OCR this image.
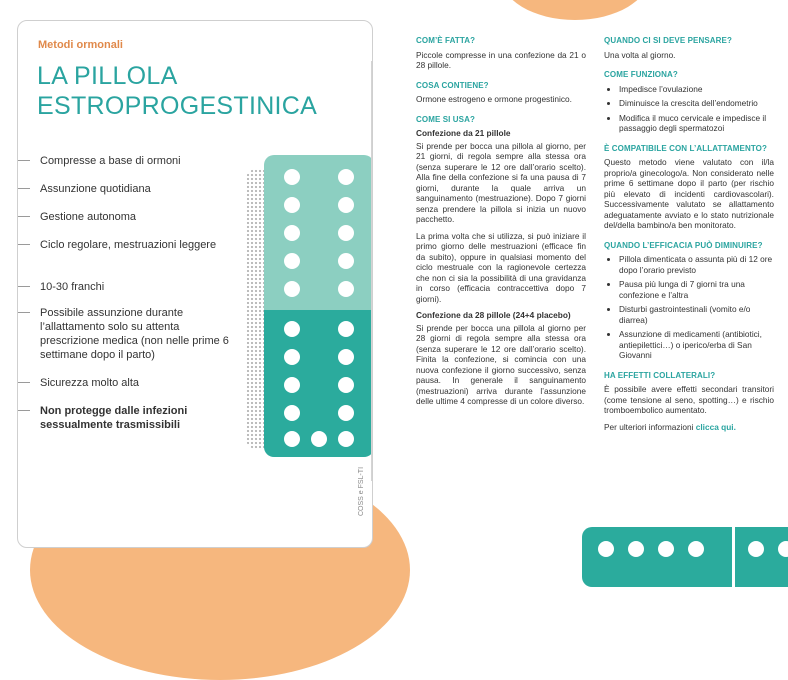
Metodi ormonali
LA PILLOLA
ESTROPROGESTINICA
Compresse a base di ormoni
Assunzione quotidiana
Gestione autonoma
Ciclo regolare, mestruazioni leggere
10-30 franchi
Possibile assunzione durante l’allattamento solo su attenta prescrizione medica (non nelle prime 6 settimane dopo il parto)
Sicurezza molto alta
Non protegge dalle infezioni sessualmente trasmissibili
COSS e FSL-TI
COM’È FATTA?

Piccole compresse in una confezione da 21 o 28 pillole.

COSA CONTIENE?

Ormone estrogeno e ormone progestinico.

COME SI USA?
Confezione da 21 pillole

Si prende per bocca una pillola al giorno, per 21 giorni, di regola sempre alla stessa ora (senza superare le 12 ore dall’orario scelto). Alla fine della confezione si fa una pausa di 7 giorni, durante la quale arriva un sanguinamento (mestruazione). Dopo 7 giorni senza prendere la pillola si inizia un nuovo pacchetto.

La prima volta che si utilizza, si può iniziare il primo giorno delle mestruazioni (efficace fin da subito), oppure in qualsiasi momento del ciclo mestruale con la ragionevole certezza che non ci sia la possibilità di una gravidanza in corso (efficacia contraccettiva dopo 7 giorni).

Confezione da 28 pillole (24+4 placebo)

Si prende per bocca una pillola al giorno per 28 giorni di regola sempre alla stessa ora (senza superare le 12 ore dall’orario scelto). Finita la confezione, si comincia con una nuova confezione il giorno successivo, senza pausa. In generale il sanguinamento (mestruazioni) arriva durante l’assunzione delle ultime 4 compresse di un colore diverso.

QUANDO CI SI DEVE PENSARE?

Una volta al giorno.

COME FUNZIONA?
• Impedisce l’ovulazione
• Diminuisce la crescita dell’endometrio
• Modifica il muco cervicale e impedisce il passaggio degli spermatozoi
È COMPATIBILE CON L’ALLATTAMENTO?

Questo metodo viene valutato con il/la proprio/a ginecologo/a. Non considerato nelle prime 6 settimane dopo il parto (per rischio più elevato di incidenti cardiovascolari). Successivamente valutato se allattamento adeguatamente avviato e lo stato nutrizionale del/della bambino/a ben monitorato.

QUANDO L’EFFICACIA PUÒ DIMINUIRE?
• Pillola dimenticata o assunta più di 12 ore dopo l’orario previsto
• Pausa più lunga di 7 giorni tra una confezione e l’altra
• Disturbi gastrointestinali (vomito e/o diarrea)
• Assunzione di medicamenti (antibiotici, antiepilettici…) o iperico/erba di San Giovanni
HA EFFETTI COLLATERALI?

È possibile avere effetti secondari transitori (come tensione al seno, spotting…) e rischio tromboembolico aumentato.

Per ulteriori informazioni clicca qui.
